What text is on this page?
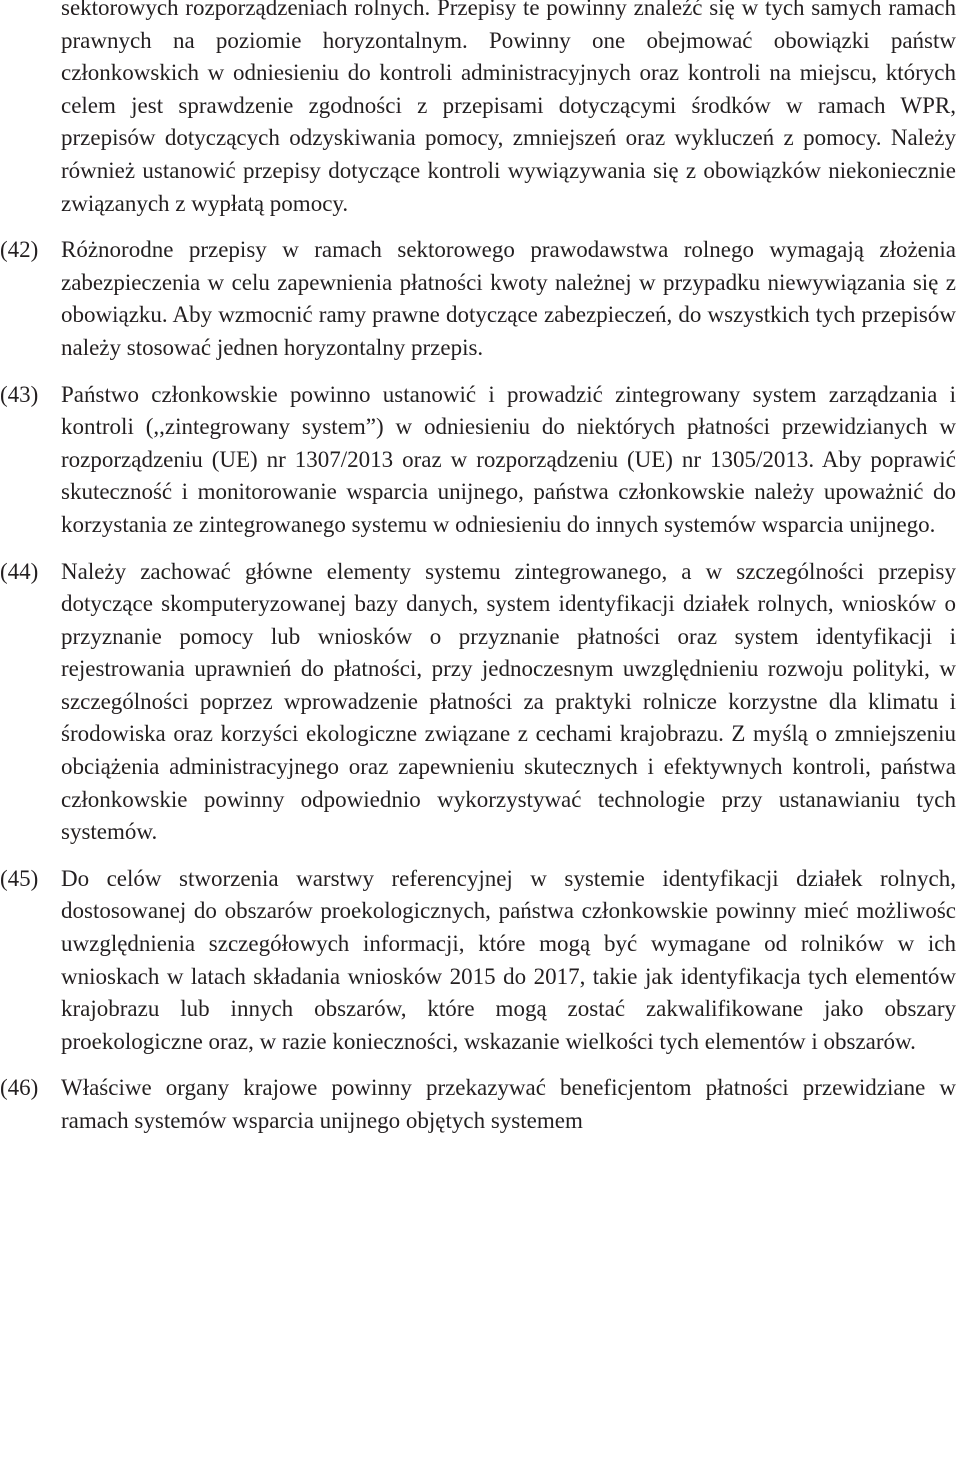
sektorowych rozporządzeniach rolnych. Przepisy te powinny znaleźć się w tych samych ramach prawnych na poziomie horyzontalnym. Powinny one obejmować obowiązki państw członkowskich w odniesieniu do kontroli administracyjnych oraz kontroli na miejscu, których celem jest sprawdzenie zgodności z przepisami dotyczącymi środków w ramach WPR, przepisów dotyczących odzyskiwania pomocy, zmniejszeń oraz wykluczeń z pomocy. Należy również ustanowić przepisy dotyczące kontroli wywiązywania się z obowiązków niekoniecznie związanych z wypłatą pomocy.
(42) Różnorodne przepisy w ramach sektorowego prawodawstwa rolnego wymagają złożenia zabezpieczenia w celu zapewnienia płatności kwoty należnej w przypadku niewywiązania się z obowiązku. Aby wzmocnić ramy prawne dotyczące zabezpieczeń, do wszystkich tych przepisów należy stosować jednen horyzontalny przepis.
(43) Państwo członkowskie powinno ustanowić i prowadzić zintegrowany system zarządzania i kontroli (,,zintegrowany system”) w odniesieniu do niektórych płatności przewidzianych w rozporządzeniu (UE) nr 1307/2013 oraz w rozporządzeniu (UE) nr 1305/2013. Aby poprawić skuteczność i monitorowanie wsparcia unijnego, państwa członkowskie należy upoważnić do korzystania ze zintegrowanego systemu w odniesieniu do innych systemów wsparcia unijnego.
(44) Należy zachować główne elementy systemu zintegrowanego, a w szczególności przepisy dotyczące skomputeryzowanej bazy danych, system identyfikacji działek rolnych, wniosków o przyznanie pomocy lub wniosków o przyznanie płatności oraz system identyfikacji i rejestrowania uprawnień do płatności, przy jednoczesnym uwzględnieniu rozwoju polityki, w szczególności poprzez wprowadzenie płatności za praktyki rolnicze korzystne dla klimatu i środowiska oraz korzyści ekologiczne związane z cechami krajobrazu. Z myślą o zmniejszeniu obciążenia administracyjnego oraz zapewnieniu skutecznych i efektywnych kontroli, państwa członkowskie powinny odpowiednio wykorzystywać technologie przy ustanawianiu tych systemów.
(45) Do celów stworzenia warstwy referencyjnej w systemie identyfikacji działek rolnych, dostosowanej do obszarów proekologicznych, państwa członkowskie powinny mieć możliwośc uwzględnienia szczegółowych informacji, które mogą być wymagane od rolników w ich wnioskach w latach składania wniosków 2015 do 2017, takie jak identyfikacja tych elementów krajobrazu lub innych obszarów, które mogą zostać zakwalifikowane jako obszary proekologiczne oraz, w razie konieczności, wskazanie wielkości tych elementów i obszarów.
(46) Właściwe organy krajowe powinny przekazywać beneficjentom płatności przewidziane w ramach systemów wsparcia unijnego objętych systemem
